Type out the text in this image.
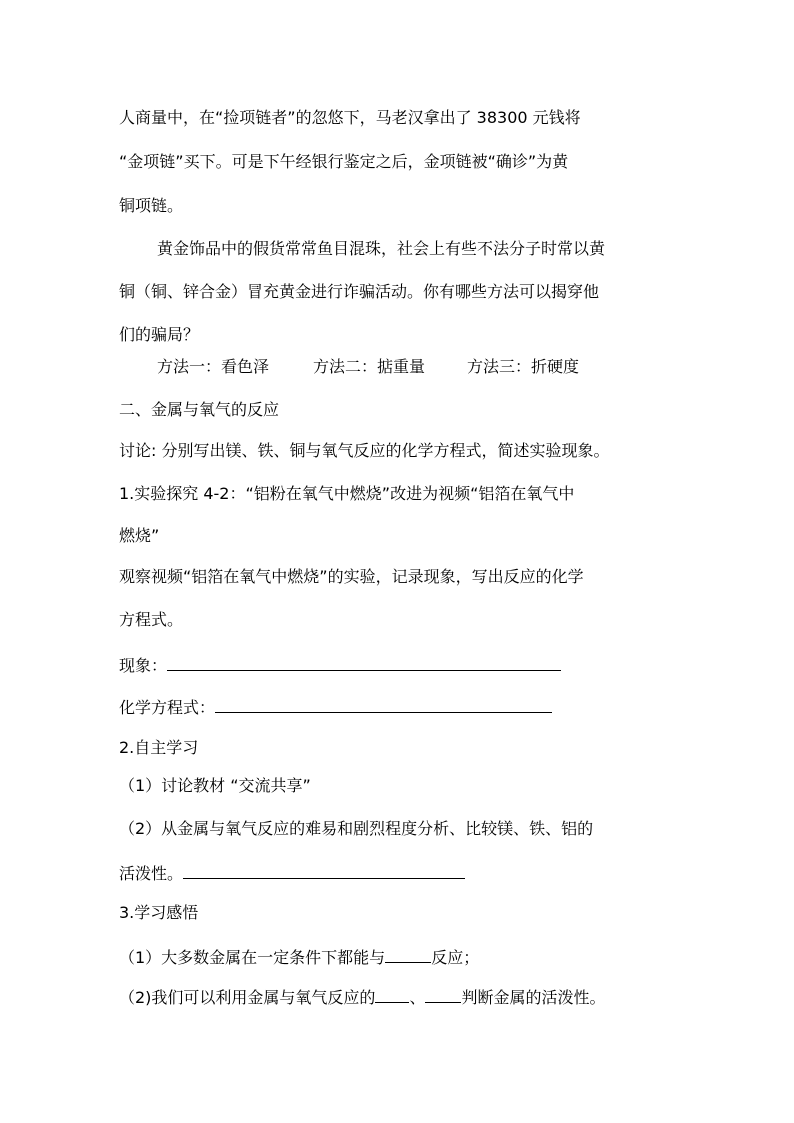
人商量中，在“捡项链者”的忽悠下，马老汉拿出了 38300 元钱将
“金项链”买下。可是下午经银行鉴定之后，金项链被“确诊”为黄
铜项链。
黄金饰品中的假货常常鱼目混珠，社会上有些不法分子时常以黄
铜（铜、锌合金）冒充黄金进行诈骗活动。你有哪些方法可以揭穿他
们的骗局？
方法一：看色泽	方法二：掂重量	方法三：折硬度
二、金属与氧气的反应
讨论: 分别写出镁、铁、铜与氧气反应的化学方程式，简述实验现象。
1.实验探究 4-2：“铝粉在氧气中燃烧”改进为视频“铝箔在氧气中
燃烧”
观察视频“铝箔在氧气中燃烧”的实验，记录现象，写出反应的化学
方程式。
现象：
化学方程式：
2.自主学习
（1）讨论教材 “交流共享”
（2）从金属与氧气反应的难易和剧烈程度分析、比较镁、铁、铝的
活泼性。
3.学习感悟
（1）大多数金属在一定条件下都能与	反应；
（2)我们可以利用金属与氧气反应的 、 判断金属的活泼性。
